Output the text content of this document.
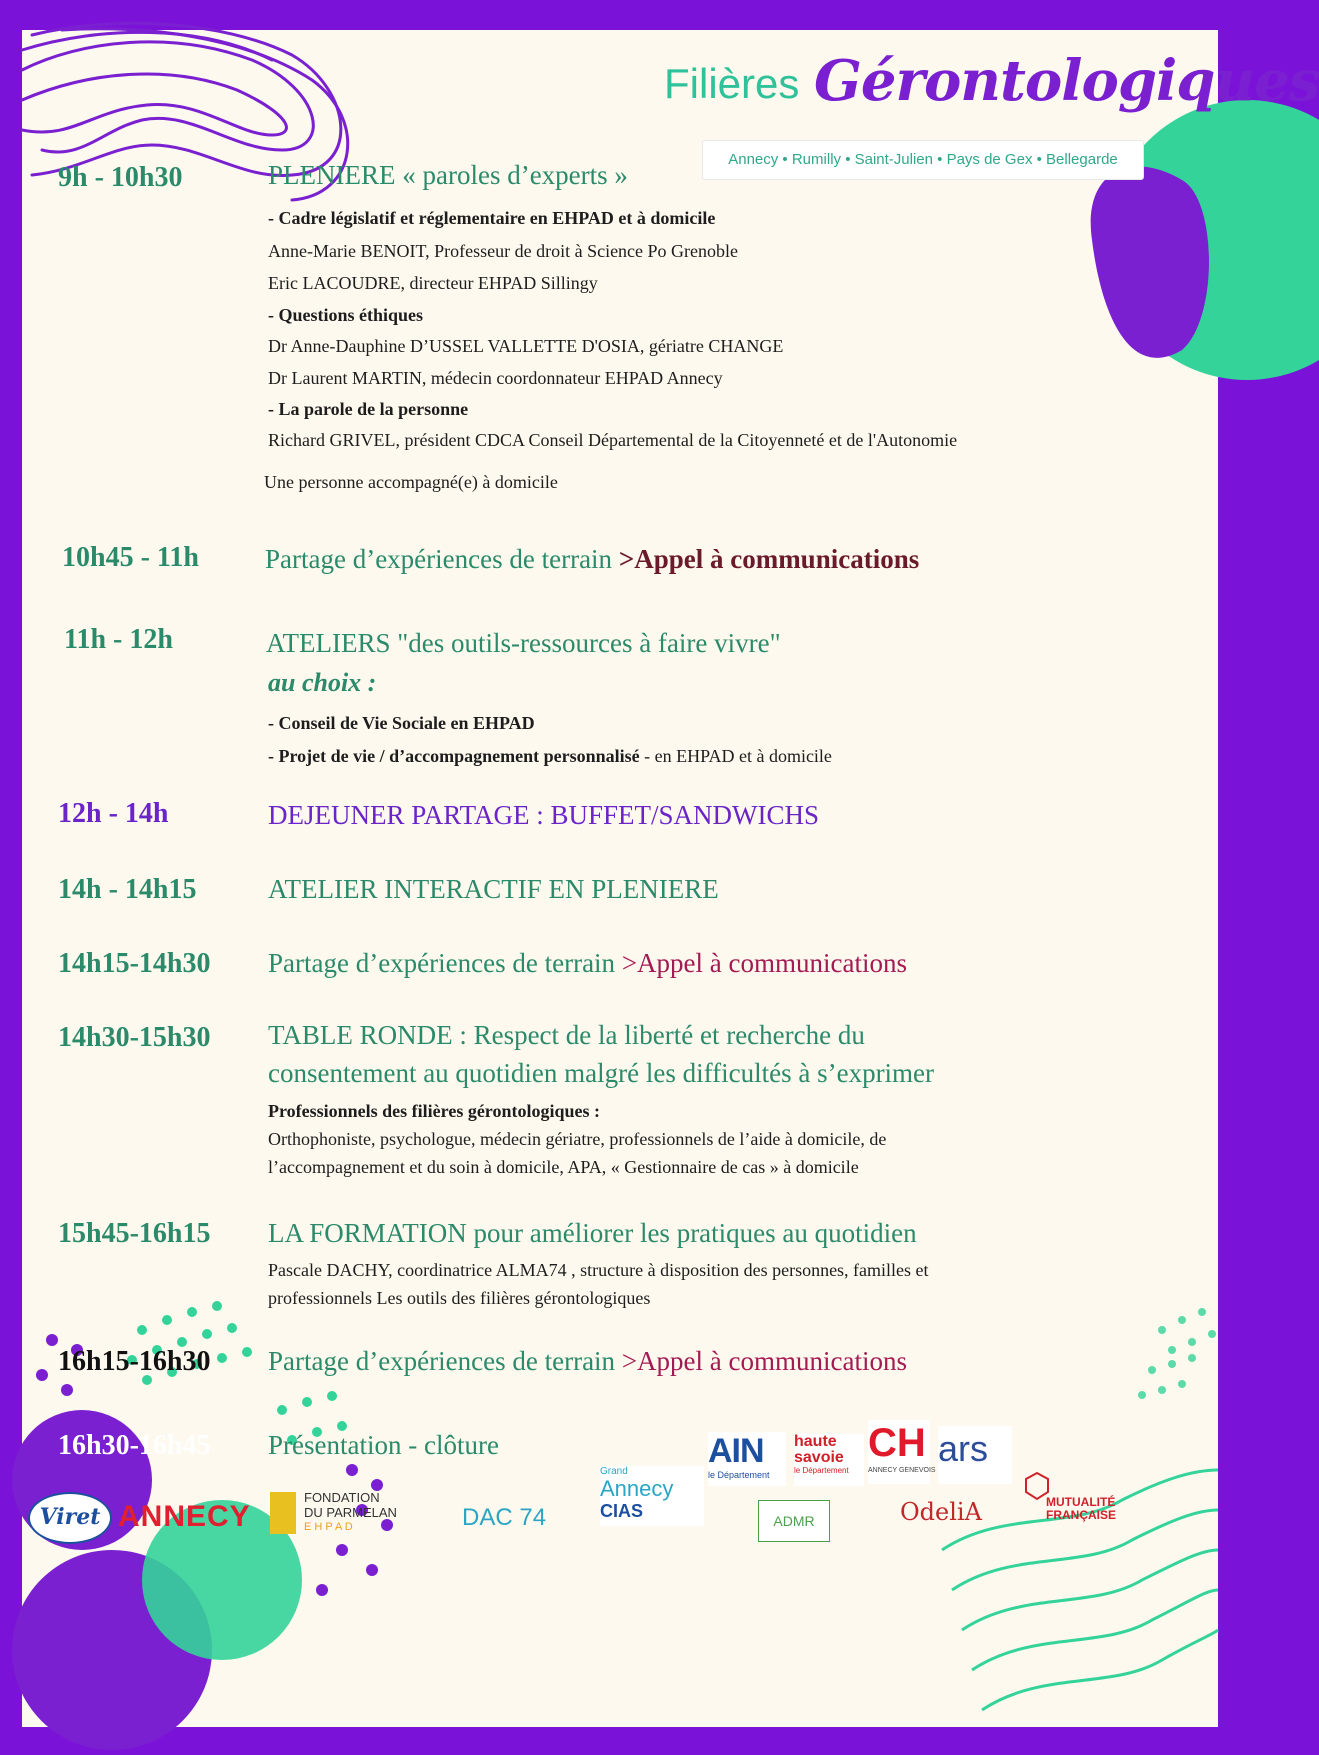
Filières Gérontologiques
Annecy • Rumilly • Saint-Julien • Pays de Gex • Bellegarde
9h - 10h30	PLENIERE « paroles d’experts »
- Cadre législatif et réglementaire en EHPAD et à domicile
Anne-Marie BENOIT, Professeur de droit à Science Po Grenoble
Eric LACOUDRE, directeur EHPAD Sillingy
- Questions éthiques
Dr Anne-Dauphine D’USSEL VALLETTE D'OSIA, gériatre CHANGE
Dr Laurent MARTIN, médecin coordonnateur EHPAD Annecy
- La parole de la personne
Richard GRIVEL, président CDCA Conseil Départemental de la Citoyenneté et de l'Autonomie
Une personne accompagné(e) à domicile
10h45 - 11h Partage d’expériences de terrain >Appel à communications
11h - 12h	ATELIERS "des outils-ressources à faire vivre"
au choix :
- Conseil de Vie Sociale en EHPAD
- Projet de vie / d’accompagnement personnalisé - en EHPAD et à domicile
12h - 14h	DEJEUNER PARTAGE : BUFFET/SANDWICHS
14h - 14h15	ATELIER INTERACTIF EN PLENIERE
14h15-14h30 Partage d’expériences de terrain >Appel à communications
14h30-15h30 TABLE RONDE : Respect de la liberté et recherche du
consentement au quotidien malgré les difficultés à s’exprimer
Professionnels des filières gérontologiques :
Orthophoniste, psychologue, médecin gériatre, professionnels de l’aide à domicile, de
l’accompagnement et du soin à domicile, APA, « Gestionnaire de cas » à domicile
15h45-16h15 LA FORMATION pour améliorer les pratiques au quotidien
Pascale DACHY, coordinatrice ALMA74 , structure à disposition des personnes, familles et
professionnels Les outils des filières gérontologiques
16h15-16h30 Partage d’expériences de terrain >Appel à communications
16h30-16h45 Présentation - clôture	AIN
le Département
haute
savoie
le Département
CH
ANNECY GENEVOIS
ars
Viret ANNECY
FONDATION
DU PARMELAN
E H P A D	DAC 74
Grand
Annecy
CIAS	ADMR	OdeliA	MUTUALITÉ
FRANÇAISE
